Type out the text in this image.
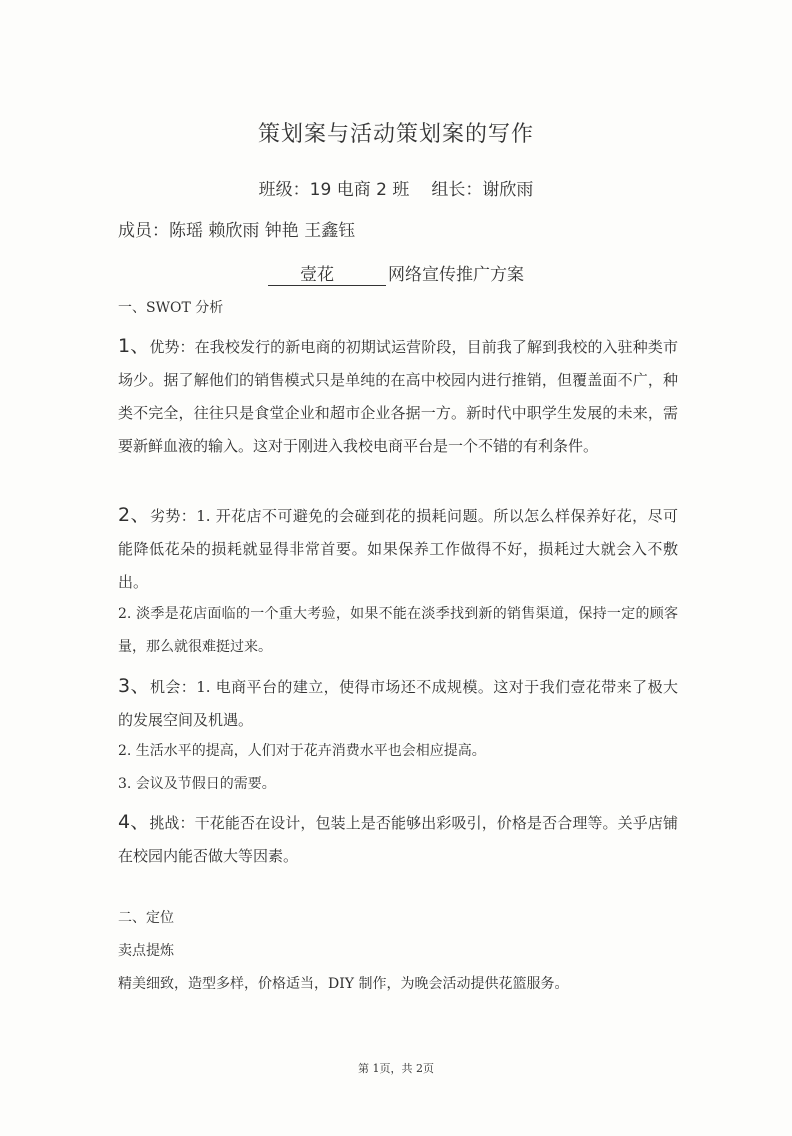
策划案与活动策划案的写作
班级：19 电商 2 班 组长：谢欣雨
成员：陈瑶 赖欣雨 钟艳 王鑫钰
壹花	网络宣传推广方案
一、SWOT 分析
1、优势：在我校发行的新电商的初期试运营阶段，目前我了解到我校的入驻种类市场少。据了解他们的销售模式只是单纯的在高中校园内进行推销，但覆盖面不广，种类不完全，往往只是食堂企业和超市企业各据一方。新时代中职学生发展的未来，需要新鲜血液的输入。这对于刚进入我校电商平台是一个不错的有利条件。
2、劣势：1. 开花店不可避免的会碰到花的损耗问题。所以怎么样保养好花，尽可能降低花朵的损耗就显得非常首要。如果保养工作做得不好，损耗过大就会入不敷出。
2. 淡季是花店面临的一个重大考验，如果不能在淡季找到新的销售渠道，保持一定的顾客量，那么就很难挺过来。
3、机会：1. 电商平台的建立，使得市场还不成规模。这对于我们壹花带来了极大的发展空间及机遇。
2. 生活水平的提高，人们对于花卉消费水平也会相应提高。
3. 会议及节假日的需要。
4、挑战：干花能否在设计，包装上是否能够出彩吸引，价格是否合理等。关乎店铺在校园内能否做大等因素。
二、定位
卖点提炼
精美细致，造型多样，价格适当，DIY 制作，为晚会活动提供花篮服务。
第 1页，共 2页
